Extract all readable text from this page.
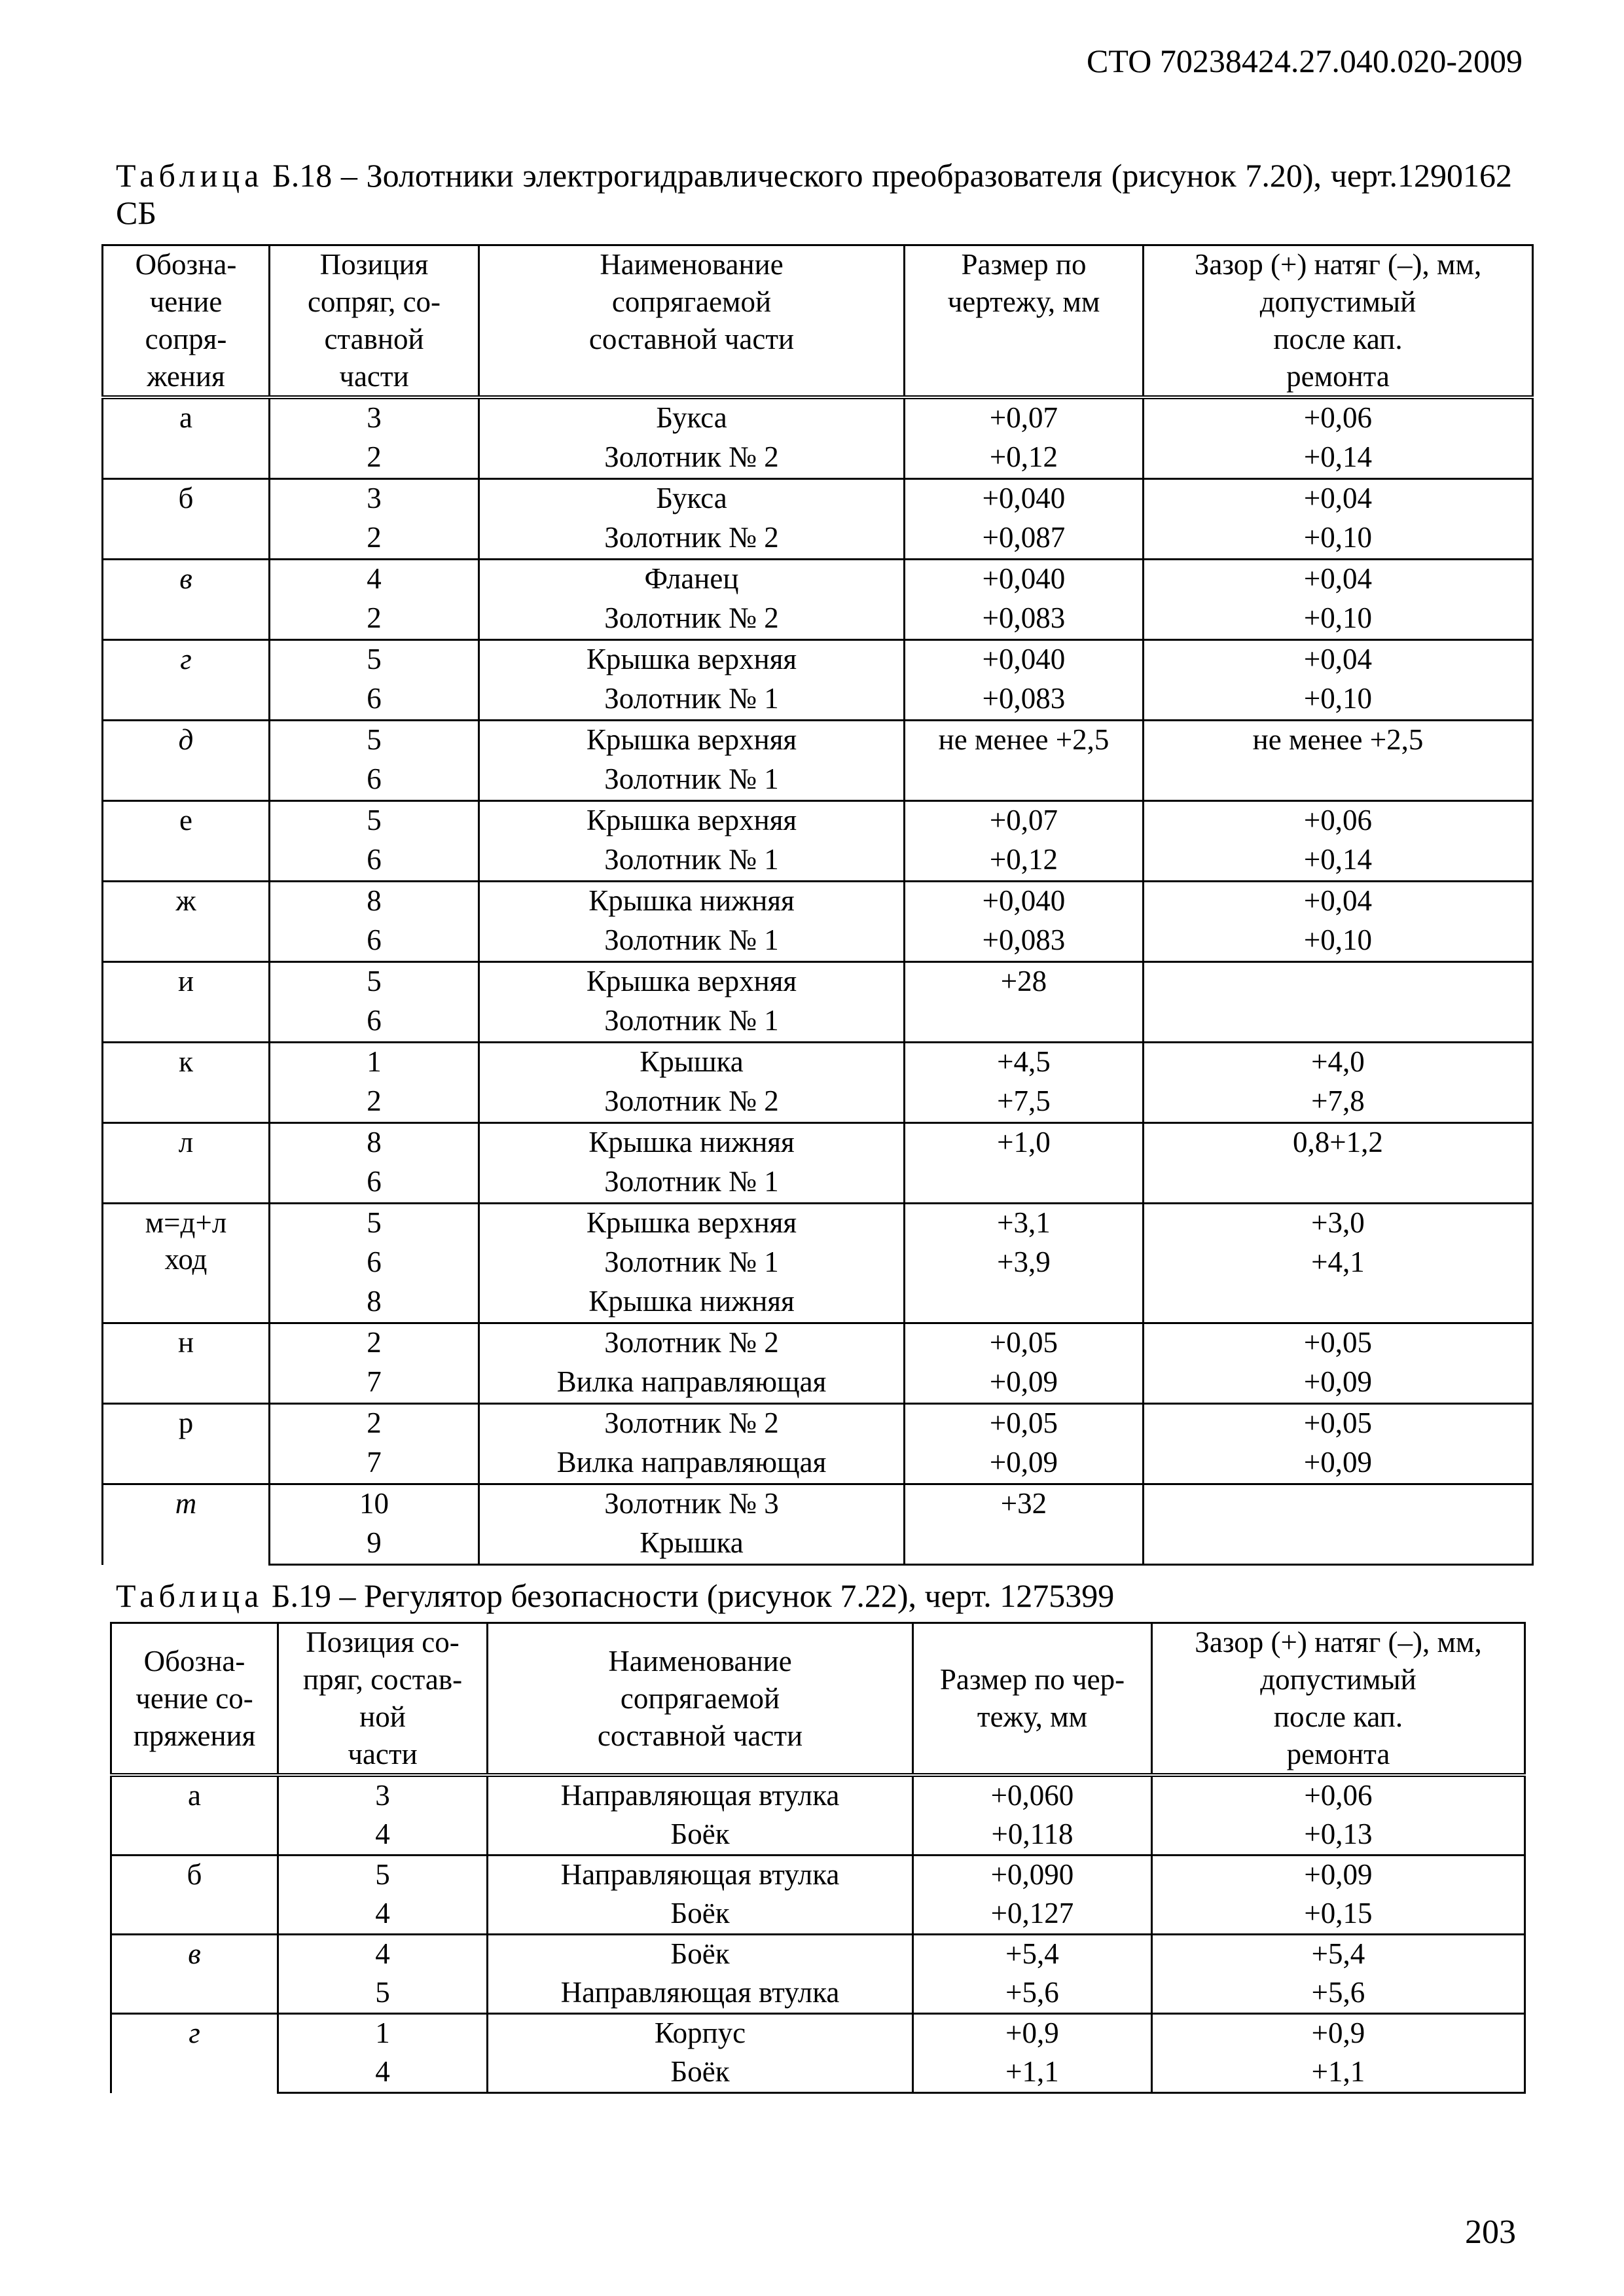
СТО 70238424.27.040.020-2009
Таблица Б.18 – Золотники электрогидравлического преобразователя (рисунок 7.20), черт.1290162 СБ
Обозна-
чение
сопря-
жения	Позиция
сопряг, со-
ставной
части	Наименование
сопрягаемой
составной части	Размер по
чертежу, мм	Зазор (+) натяг (–), мм,
допустимый
после кап.
ремонта
а	3	Букса	+0,07	+0,06
	2	Золотник № 2	+0,12	+0,14
б	3	Букса	+0,040	+0,04
	2	Золотник № 2	+0,087	+0,10
в	4	Фланец	+0,040	+0,04
	2	Золотник № 2	+0,083	+0,10
г	5	Крышка верхняя	+0,040	+0,04
	6	Золотник № 1	+0,083	+0,10
д	5	Крышка верхняя	не менее +2,5	не менее +2,5
	6	Золотник № 1		
е	5	Крышка верхняя	+0,07	+0,06
	6	Золотник № 1	+0,12	+0,14
ж	8	Крышка нижняя	+0,040	+0,04
	6	Золотник № 1	+0,083	+0,10
и	5	Крышка верхняя	+28	
	6	Золотник № 1		
к	1	Крышка	+4,5	+4,0
	2	Золотник № 2	+7,5	+7,8
л	8	Крышка нижняя	+1,0	0,8+1,2
	6	Золотник № 1		
м=д+л
ход	5	Крышка верхняя	+3,1	+3,0
	6	Золотник № 1	+3,9	+4,1
	8	Крышка нижняя		
н	2	Золотник № 2	+0,05	+0,05
	7	Вилка направляющая	+0,09	+0,09
р	2	Золотник № 2	+0,05	+0,05
	7	Вилка направляющая	+0,09	+0,09
т	10	Золотник № 3	+32	
	9	Крышка		
Таблица Б.19 – Регулятор безопасности (рисунок 7.22), черт. 1275399
Обозна-
чение со-
пряжения	Позиция со-
пряг, состав-
ной
части	Наименование
сопрягаемой
составной части	Размер по чер-
тежу, мм	Зазор (+) натяг (–), мм,
допустимый
после кап.
ремонта
а	3	Направляющая втулка	+0,060	+0,06
	4	Боёк	+0,118	+0,13
б	5	Направляющая втулка	+0,090	+0,09
	4	Боёк	+0,127	+0,15
в	4	Боёк	+5,4	+5,4
	5	Направляющая втулка	+5,6	+5,6
г	1	Корпус	+0,9	+0,9
	4	Боёк	+1,1	+1,1
203
